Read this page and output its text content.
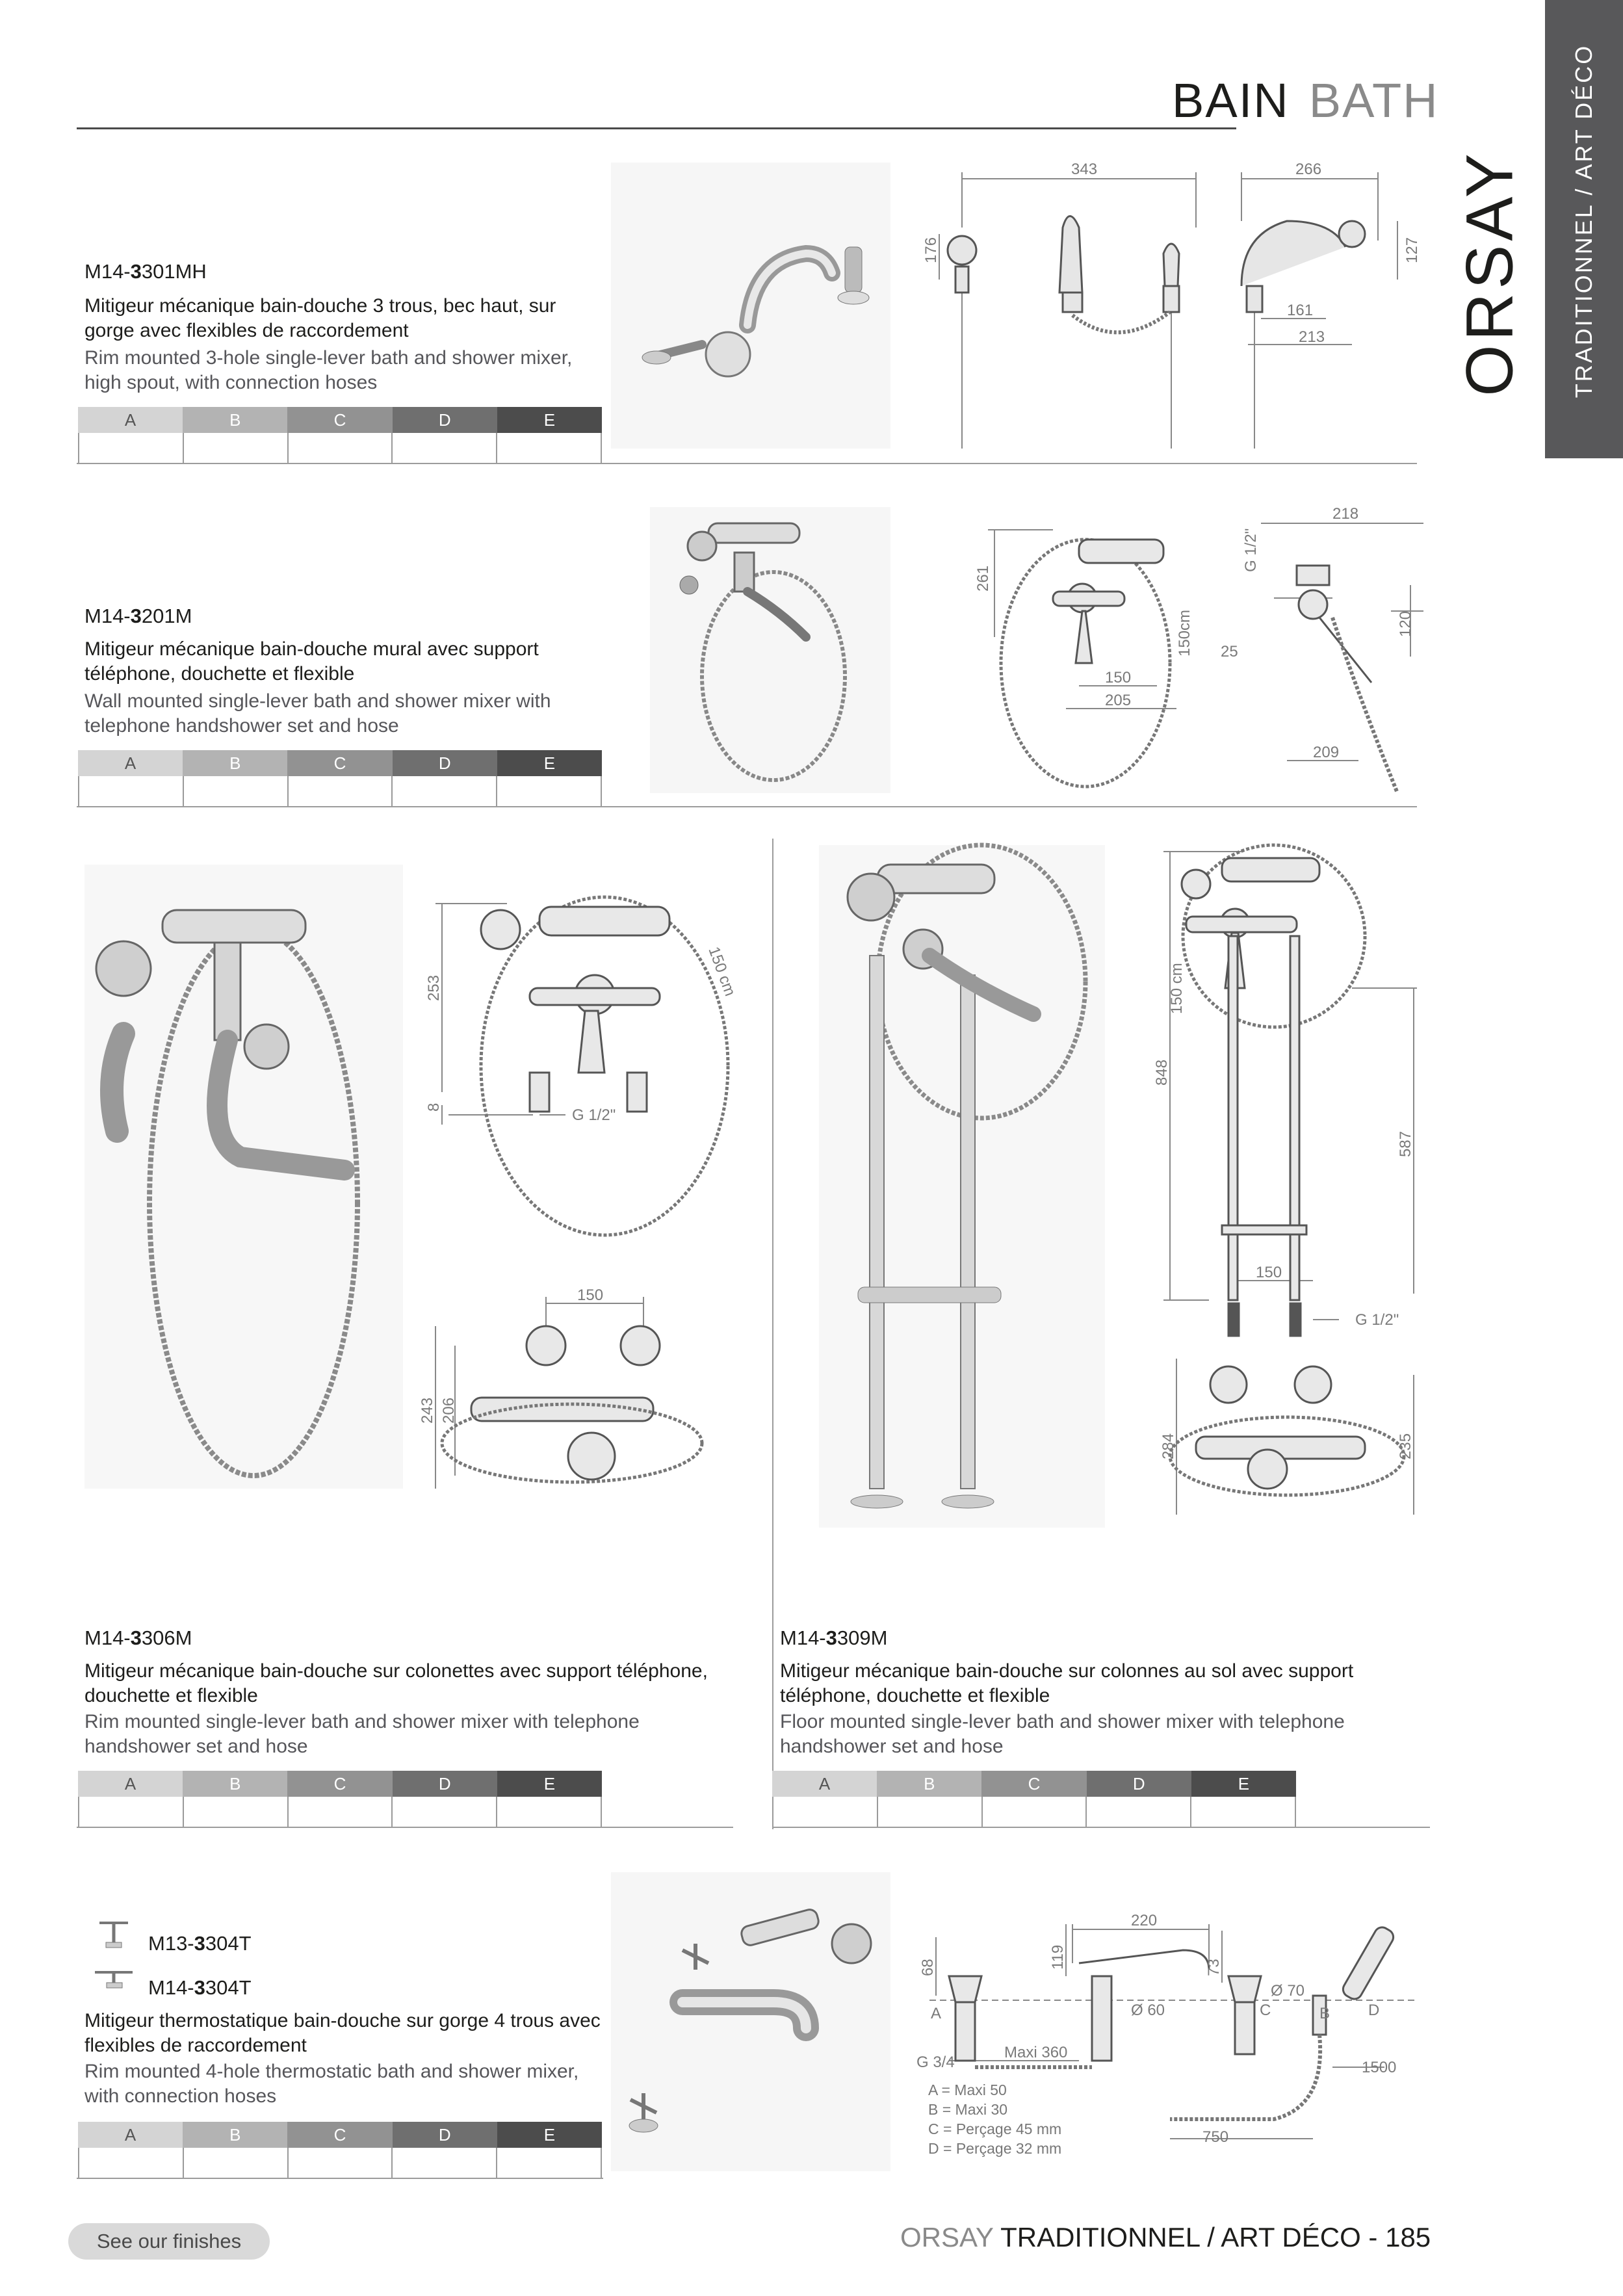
BAIN BATH	TRADITIONNEL / ART DÉCO
ORSAY
M14-3301MH
Mitigeur mécanique bain-douche 3 trous, bec haut, sur gorge avec flexibles de raccordement
Rim mounted 3-hole single-lever bath and shower mixer, high spout, with connection hoses
A	B	C	D	E
343	266
176	127
161
213
M14-3201M
Mitigeur mécanique bain-douche mural avec support téléphone, douchette et flexible
Wall mounted single-lever bath and shower mixer with telephone handshower set and hose
A	B	C	D	E
261
150cm
150
205
218
G 1/2"
25
120
209
253	150 cm
8	G 1/2"
150
243 206
M14-3306M
Mitigeur mécanique bain-douche sur colonettes avec support téléphone, douchette et flexible
Rim mounted single-lever bath and shower mixer with telephone handshower set and hose
A	B	C	D	E
150 cm
848
587
150
G 1/2"
284	235
M14-3309M
Mitigeur mécanique bain-douche sur colonnes au sol avec support téléphone, douchette et flexible
Floor mounted single-lever bath and shower mixer with telephone handshower set and hose
A	B	C	D	E
M13-3304T
M14-3304T
Mitigeur thermostatique bain-douche sur gorge 4 trous avec flexibles de raccordement
Rim mounted 4-hole thermostatic bath and shower mixer, with connection hoses
A	B	C	D	E
220
68	119	73
Ø 70
Ø 60
A	C	B D
G 3/4
Maxi 360
1500
750
A = Maxi 50
B = Maxi 30
C = Perçage 45 mm
D = Perçage 32 mm
See our finishes	ORSAY TRADITIONNEL / ART DÉCO - 185
